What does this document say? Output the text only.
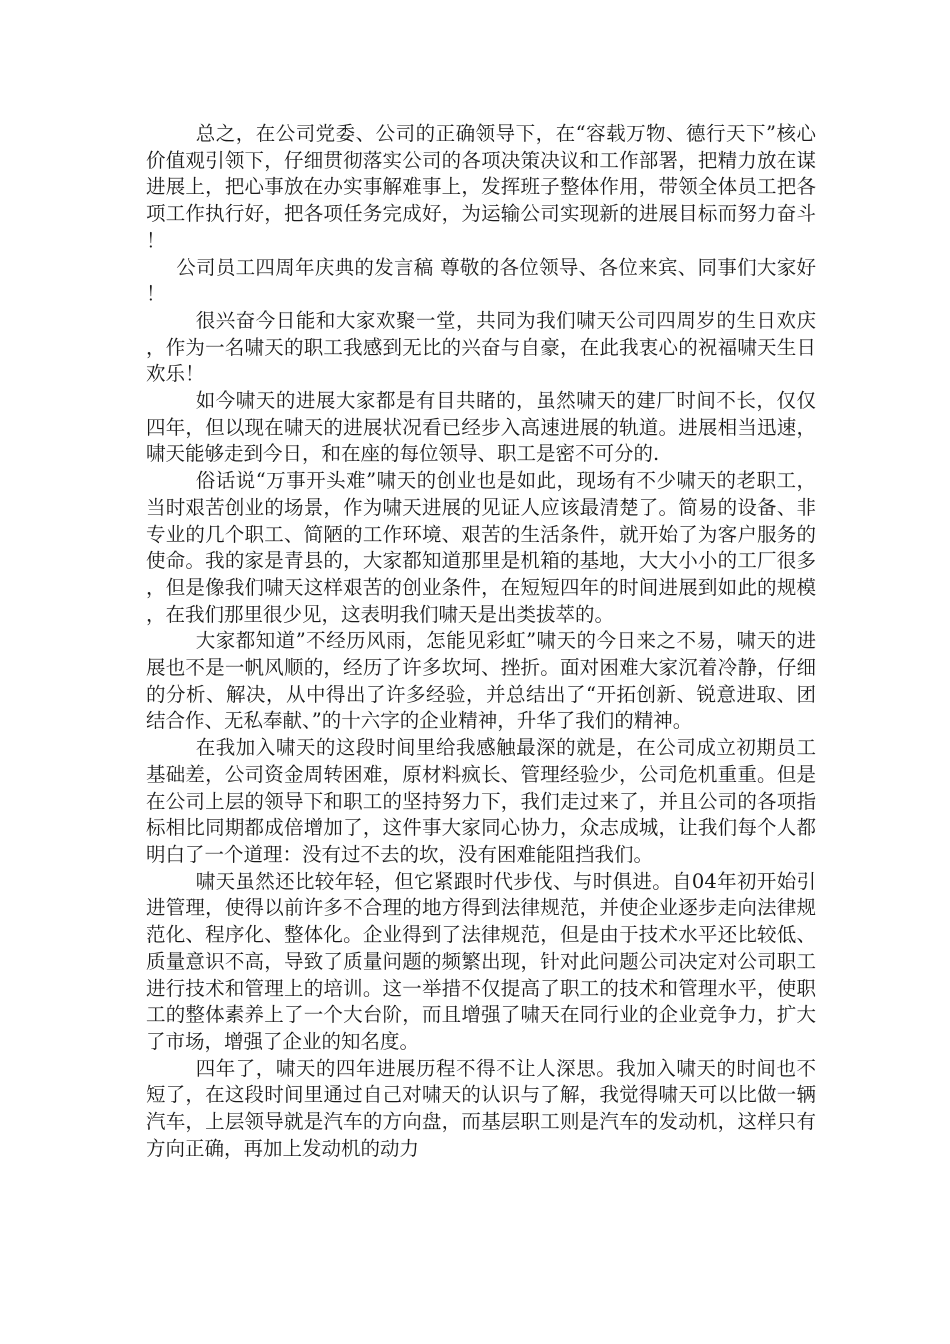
总之，在公司党委、公司的正确领导下，在“容载万物、德行天下”核心价值观引领下，仔细贯彻落实公司的各项决策决议和工作部署，把精力放在谋进展上，把心事放在办实事解难事上，发挥班子整体作用，带领全体员工把各项工作执行好，把各项任务完成好，为运输公司实现新的进展目标而努力奋斗！

公司员工四周年庆典的发言稿 尊敬的各位领导、各位来宾、同事们大家好！

很兴奋今日能和大家欢聚一堂，共同为我们啸天公司四周岁的生日欢庆，作为一名啸天的职工我感到无比的兴奋与自豪，在此我衷心的祝福啸天生日欢乐！

如今啸天的进展大家都是有目共睹的，虽然啸天的建厂时间不长，仅仅四年，但以现在啸天的进展状况看已经步入高速进展的轨道。进展相当迅速，啸天能够走到今日，和在座的每位领导、职工是密不可分的.

俗话说“万事开头难”啸天的创业也是如此，现场有不少啸天的老职工，当时艰苦创业的场景，作为啸天进展的见证人应该最清楚了。简易的设备、非专业的几个职工、简陋的工作环境、艰苦的生活条件，就开始了为客户服务的使命。我的家是青县的，大家都知道那里是机箱的基地，大大小小的工厂很多，但是像我们啸天这样艰苦的创业条件，在短短四年的时间进展到如此的规模，在我们那里很少见，这表明我们啸天是出类拔萃的。

大家都知道”不经历风雨，怎能见彩虹”啸天的今日来之不易，啸天的进展也不是一帆风顺的，经历了许多坎坷、挫折。面对困难大家沉着冷静，仔细的分析、解决，从中得出了许多经验，并总结出了“开拓创新、锐意进取、团结合作、无私奉献、”的十六字的企业精神，升华了我们的精神。

在我加入啸天的这段时间里给我感触最深的就是，在公司成立初期员工基础差，公司资金周转困难，原材料疯长、管理经验少，公司危机重重。但是在公司上层的领导下和职工的坚持努力下，我们走过来了，并且公司的各项指标相比同期都成倍增加了，这件事大家同心协力，众志成城，让我们每个人都明白了一个道理：没有过不去的坎，没有困难能阻挡我们。

啸天虽然还比较年轻，但它紧跟时代步伐、与时俱进。自04年初开始引进管理，使得以前许多不合理的地方得到法律规范，并使企业逐步走向法律规范化、程序化、整体化。企业得到了法律规范，但是由于技术水平还比较低、质量意识不高，导致了质量问题的频繁出现，针对此问题公司决定对公司职工进行技术和管理上的培训。这一举措不仅提高了职工的技术和管理水平，使职工的整体素养上了一个大台阶，而且增强了啸天在同行业的企业竞争力，扩大了市场，增强了企业的知名度。

四年了，啸天的四年进展历程不得不让人深思。我加入啸天的时间也不短了，在这段时间里通过自己对啸天的认识与了解，我觉得啸天可以比做一辆汽车，上层领导就是汽车的方向盘，而基层职工则是汽车的发动机，这样只有方向正确，再加上发动机的动力
